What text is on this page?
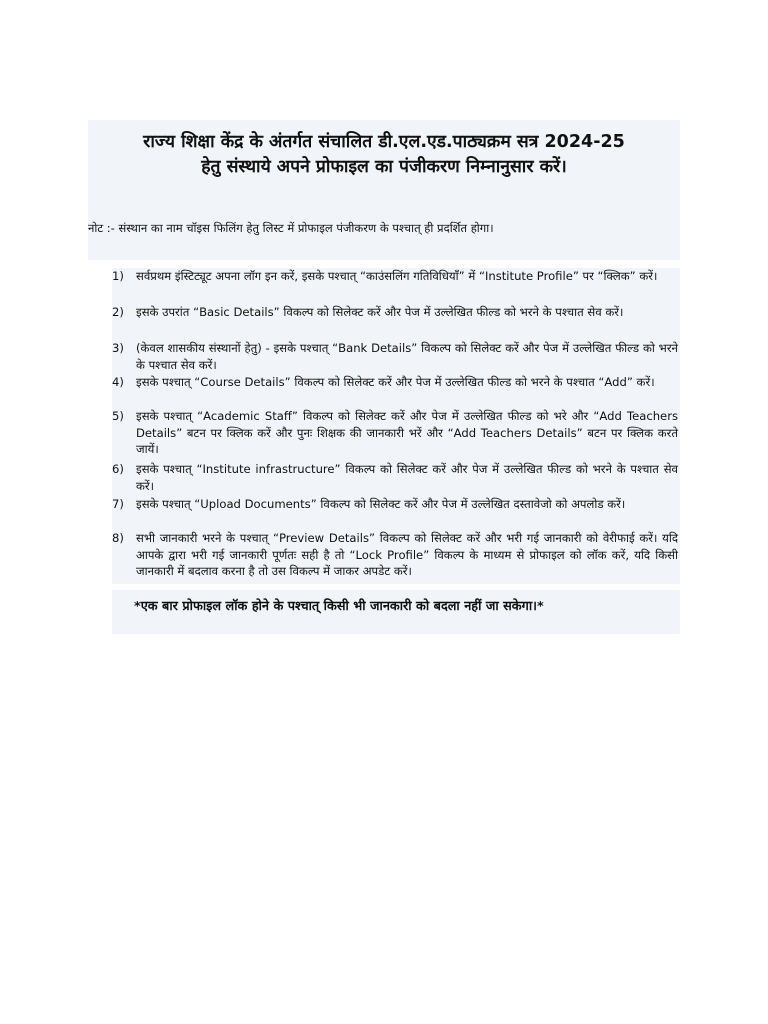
राज्य शिक्षा केंद्र के अंतर्गत संचालित डी.एल.एड.पाठ्यक्रम सत्र 2024-25
हेतु संस्थाये अपने प्रोफाइल का पंजीकरण निम्नानुसार करें।

नोट :- संस्थान का नाम चॉइस फिलिंग हेतु लिस्ट में प्रोफाइल पंजीकरण के पश्चात् ही प्रदर्शित होगा।
1)	सर्वप्रथम इंस्टिट्यूट अपना लॉग इन करें, इसके पश्चात् “काउंसलिंग गतिविधियाँ” में “Institute Profile” पर “क्लिक” करें।
2)	इसके उपरांत “Basic Details” विकल्प को सिलेक्ट करें और पेज में उल्लेखित फील्ड को भरने के पश्चात सेव करें।
3)	(केवल शासकीय संस्थानों हेतु) - इसके पश्चात् “Bank Details” विकल्प को सिलेक्ट करें और पेज में उल्लेखित फील्ड को भरने के पश्चात सेव करें।
4)	इसके पश्चात् “Course Details” विकल्प को सिलेक्ट करें और पेज में उल्लेखित फील्ड को भरने के पश्चात “Add” करें।
5)	इसके पश्चात् “Academic Staff” विकल्प को सिलेक्ट करें और पेज में उल्लेखित फील्ड को भरे और “Add Teachers Details” बटन पर क्लिक करें और पुनः शिक्षक की जानकारी भरें और “Add Teachers Details” बटन पर क्लिक करते जायें।
6)	इसके पश्चात् “Institute infrastructure” विकल्प को सिलेक्ट करें और पेज में उल्लेखित फील्ड को भरने के पश्चात सेव करें।
7)	इसके पश्चात् “Upload Documents” विकल्प को सिलेक्ट करें और पेज में उल्लेखित दस्तावेजो को अपलोड करें।
8)	सभी जानकारी भरने के पश्चात् “Preview Details” विकल्प को सिलेक्ट करें और भरी गई जानकारी को वेरीफाई करें। यदि आपके द्वारा भरी गई जानकारी पूर्णतः सही है तो “Lock Profile” विकल्प के माध्यम से प्रोफाइल को लॉक करें, यदि किसी जानकारी में बदलाव करना है तो उस विकल्प में जाकर अपडेट करें।
*एक बार प्रोफाइल लॉक होने के पश्चात् किसी भी जानकारी को बदला नहीं जा सकेगा।*
